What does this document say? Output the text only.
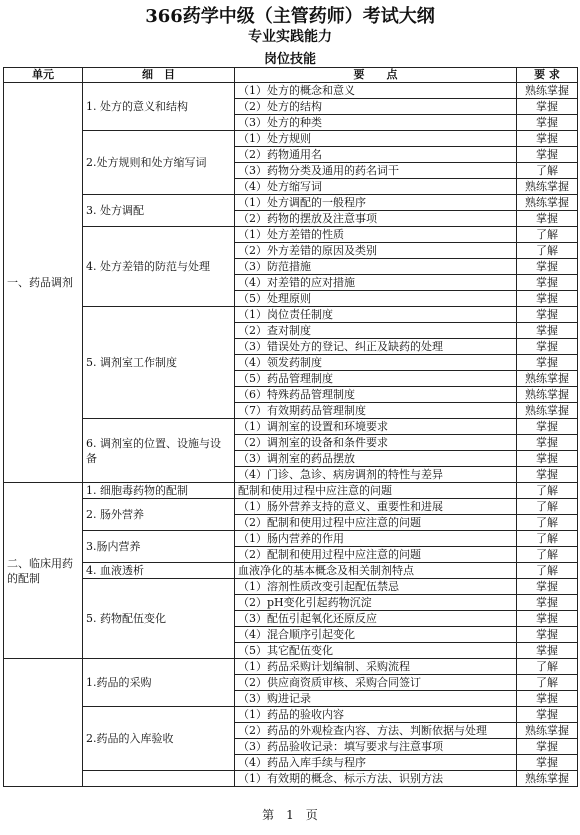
366药学中级（主管药师）考试大纲
专业实践能力
岗位技能
单元	细　目	要　　点	要 求
一、药品调剂	1. 处方的意义和结构	（1）处方的概念和意义	熟练掌握
		（2）处方的结构	掌握
		（3）处方的种类	掌握
	2.处方规则和处方缩写词	（1）处方规则	掌握
		（2）药物通用名	掌握
		（3）药物分类及通用的药名词干	了解
		（4）处方缩写词	熟练掌握
	3. 处方调配	（1）处方调配的一般程序	熟练掌握
		（2）药物的摆放及注意事项	掌握
	4. 处方差错的防范与处理	（1）处方差错的性质	了解
		（2）外方差错的原因及类别	了解
		（3）防范措施	掌握
		（4）对差错的应对措施	掌握
		（5）处理原则	掌握
	5. 调剂室工作制度	（1）岗位责任制度	掌握
		（2）查对制度	掌握
		（3）错误处方的登记、纠正及缺药的处理	掌握
		（4）领发药制度	掌握
		（5）药品管理制度	熟练掌握
		（6）特殊药品管理制度	熟练掌握
		（7）有效期药品管理制度	熟练掌握
	6. 调剂室的位置、设施与设备	（1）调剂室的设置和环境要求	掌握
		（2）调剂室的设备和条件要求	掌握
		（3）调剂室的药品摆放	掌握
		（4）门诊、急诊、病房调剂的特性与差异	掌握
二、临床用药的配制	1. 细胞毒药物的配制	配制和使用过程中应注意的问题	了解
	2. 肠外营养	（1）肠外营养支持的意义、重要性和进展	了解
		（2）配制和使用过程中应注意的问题	了解
	3.肠内营养	（1）肠内营养的作用	了解
		（2）配制和使用过程中应注意的问题	了解
	4. 血液透析	血液净化的基本概念及相关制剂特点	了解
	5. 药物配伍变化	（1）溶剂性质改变引起配伍禁忌	掌握
		（2）pH变化引起药物沉淀	掌握
		（3）配伍引起氧化还原反应	掌握
		（4）混合顺序引起变化	掌握
		（5）其它配伍变化	掌握
	1.药品的采购	（1）药品采购计划编制、采购流程	了解
		（2）供应商资质审核、采购合同签订	了解
		（3）购进记录	掌握
	2.药品的入库验收	（1）药品的验收内容	掌握
		（2）药品的外观检查内容、方法、判断依据与处理	熟练掌握
		（3）药品验收记录：填写要求与注意事项	掌握
		（4）药品入库手续与程序	掌握
		（1）有效期的概念、标示方法、识别方法	熟练掌握
第　1　页
